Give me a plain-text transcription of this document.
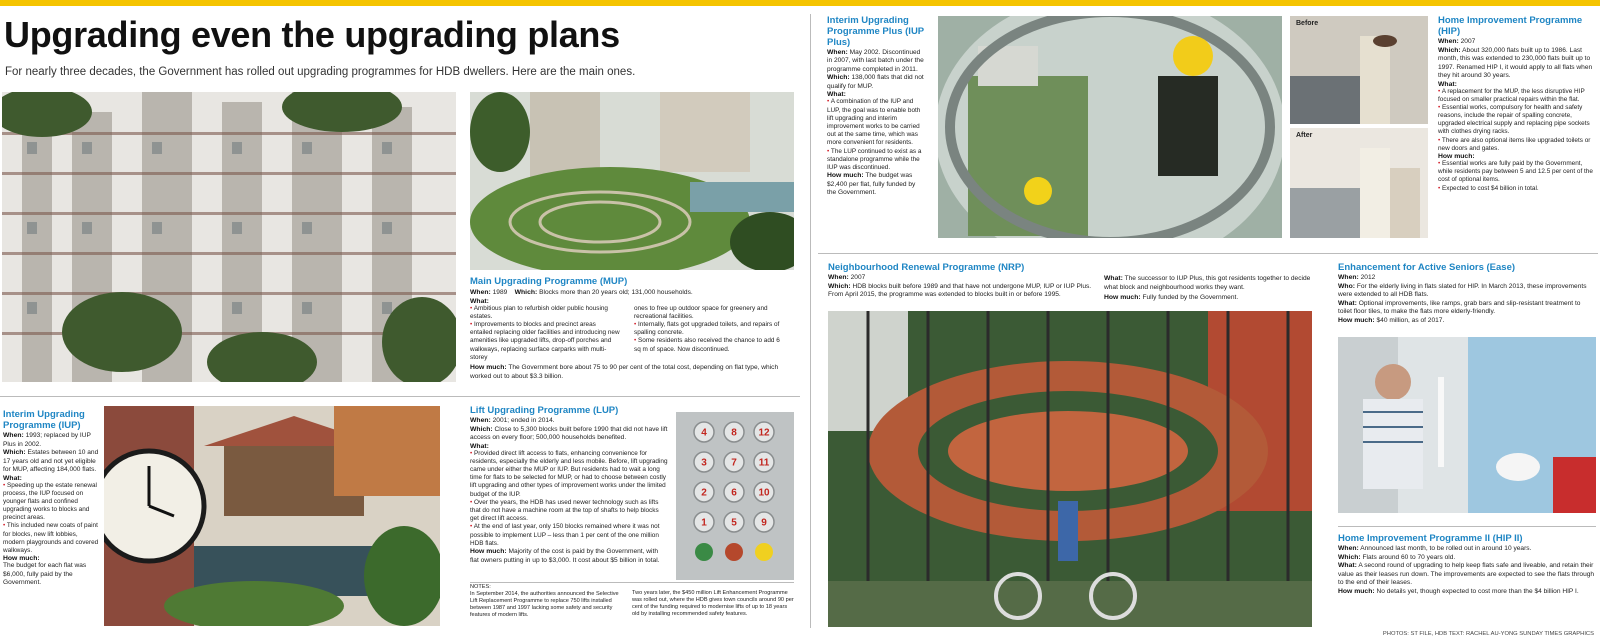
Upgrading even the upgrading plans
For nearly three decades, the Government has rolled out upgrading programmes for HDB dwellers. Here are the main ones.
Main Upgrading Programme (MUP)
When: 1989 Which: Blocks more than 20 years old; 131,000 households.
What:
• Ambitious plan to refurbish older public housing estates.
• Improvements to blocks and precinct areas entailed replacing older facilities and introducing new amenities like upgraded lifts, drop-off porches and walkways, replacing surface carparks with multi-storey
ones to free up outdoor space for greenery and recreational facilities.
• Internally, flats got upgraded toilets, and repairs of spalling concrete.
• Some residents also received the chance to add 6 sq m of space. Now discontinued.
How much: The Government bore about 75 to 90 per cent of the total cost, depending on flat type, which worked out to about $3.3 billion.
Interim Upgrading Programme (IUP)
When: 1993; replaced by IUP Plus in 2002.
Which: Estates between 10 and 17 years old and not yet eligible for MUP, affecting 184,000 flats.
What:
• Speeding up the estate renewal process, the IUP focused on younger flats and confined upgrading works to blocks and precinct areas.
• This included new coats of paint for blocks, new lift lobbies, modern playgrounds and covered walkways.
How much:
The budget for each flat was $6,000, fully paid by the Government.
Lift Upgrading Programme (LUP)
When: 2001; ended in 2014.
Which: Close to 5,300 blocks built before 1990 that did not have lift access on every floor; 500,000 households benefited.
What:
• Provided direct lift access to flats, enhancing convenience for residents, especially the elderly and less mobile. Before, lift upgrading came under either the MUP or IUP. But residents had to wait a long time for flats to be selected for MUP, or had to choose between costly lift upgrading and other types of improvement works under the limited budget of the IUP.
• Over the years, the HDB has used newer technology such as lifts that do not have a machine room at the top of shafts to help blocks get direct lift access.
• At the end of last year, only 150 blocks remained where it was not possible to implement LUP – less than 1 per cent of the one million HDB flats.
How much: Majority of the cost is paid by the Government, with flat owners putting in up to $3,000. It cost about $5 billion in total.
NOTES:
In September 2014, the authorities announced the Selective Lift Replacement Programme to replace 750 lifts installed between 1987 and 1997 lacking some safety and security features of modern lifts.
Two years later, the $450 million Lift Enhancement Programme was rolled out, where the HDB gives town councils around 90 per cent of the funding required to modernise lifts of up to 18 years old by installing recommended safety features.
4 8 12
3 7 11
2 6 10
1 5 9
Interim Upgrading Programme Plus (IUP Plus)
When: May 2002. Discontinued in 2007, with last batch under the programme completed in 2011.
Which: 138,000 flats that did not qualify for MUP.
What:
• A combination of the IUP and LUP, the goal was to enable both lift upgrading and interim improvement works to be carried out at the same time, which was more convenient for residents.
• The LUP continued to exist as a standalone programme while the IUP was discontinued.
How much: The budget was $2,400 per flat, fully funded by the Government.
Before
After
Home Improvement Programme (HIP)
When: 2007
Which: About 320,000 flats built up to 1986. Last month, this was extended to 230,000 flats built up to 1997. Renamed HIP I, it would apply to all flats when they hit around 30 years.
What:
• A replacement for the MUP, the less disruptive HIP focused on smaller practical repairs within the flat.
• Essential works, compulsory for health and safety reasons, include the repair of spalling concrete, upgraded electrical supply and replacing pipe sockets with clothes drying racks.
• There are also optional items like upgraded toilets or new doors and gates.
How much:
• Essential works are fully paid by the Government, while residents pay between 5 and 12.5 per cent of the cost of optional items.
• Expected to cost $4 billion in total.
Neighbourhood Renewal Programme (NRP)
When: 2007
Which: HDB blocks built before 1989 and that have not undergone MUP, IUP or IUP Plus. From April 2015, the programme was extended to blocks built in or before 1995.
What: The successor to IUP Plus, this got residents together to decide what block and neighbourhood works they want.
How much: Fully funded by the Government.
Enhancement for Active Seniors (Ease)
When: 2012
Who: For the elderly living in flats slated for HIP. In March 2013, these improvements were extended to all HDB flats.
What: Optional improvements, like ramps, grab bars and slip-resistant treatment to toilet floor tiles, to make the flats more elderly-friendly.
How much: $40 million, as of 2017.
Home Improvement Programme II (HIP II)
When: Announced last month, to be rolled out in around 10 years.
Which: Flats around 60 to 70 years old.
What: A second round of upgrading to help keep flats safe and liveable, and retain their value as their leases run down. The improvements are expected to see the flats through to the end of their leases.
How much: No details yet, though expected to cost more than the $4 billion HIP I.
PHOTOS: ST FILE, HDB TEXT: RACHEL AU-YONG SUNDAY TIMES GRAPHICS
